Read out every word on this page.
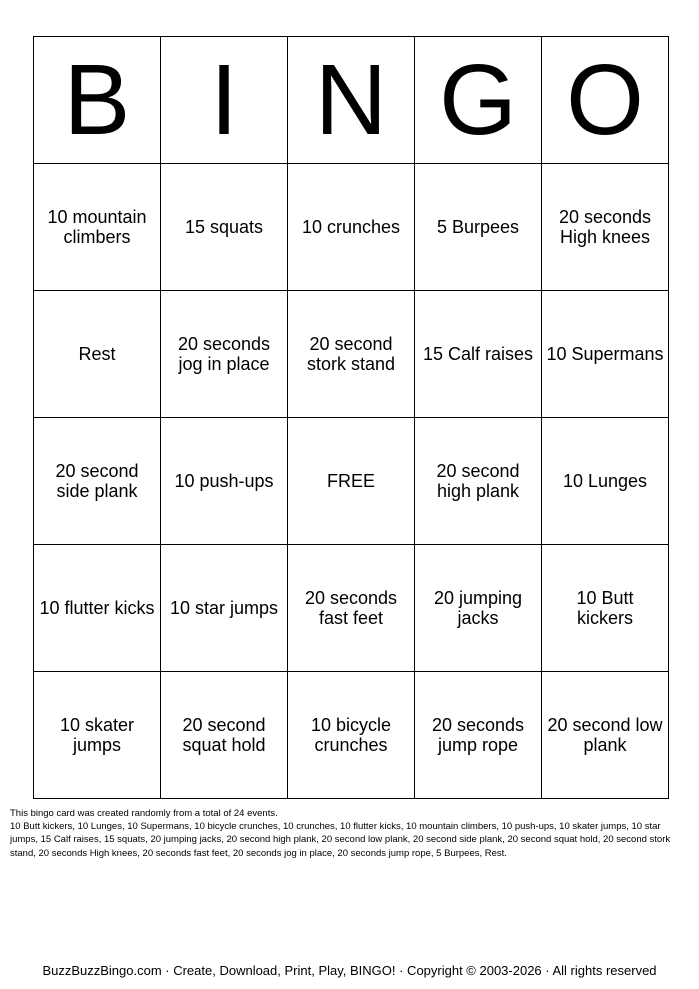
B	I	N	G	O
10 mountain climbers	15 squats	10 crunches	5 Burpees	20 seconds High knees
Rest	20 seconds jog in place	20 second stork stand	15 Calf raises	10 Supermans
20 second side plank	10 push-ups	FREE	20 second high plank	10 Lunges
10 flutter kicks	10 star jumps	20 seconds fast feet	20 jumping jacks	10 Butt kickers
10 skater jumps	20 second squat hold	10 bicycle crunches	20 seconds jump rope	20 second low plank

This bingo card was created randomly from a total of 24 events.
10 Butt kickers, 10 Lunges, 10 Supermans, 10 bicycle crunches, 10 crunches, 10 flutter kicks, 10 mountain climbers, 10 push-ups, 10 skater jumps, 10 star jumps, 15 Calf raises, 15 squats, 20 jumping jacks, 20 second high plank, 20 second low plank, 20 second side plank, 20 second squat hold, 20 second stork stand, 20 seconds High knees, 20 seconds fast feet, 20 seconds jog in place, 20 seconds jump rope, 5 Burpees, Rest.

BuzzBuzzBingo.com · Create, Download, Print, Play, BINGO! · Copyright © 2003-2026 · All rights reserved
